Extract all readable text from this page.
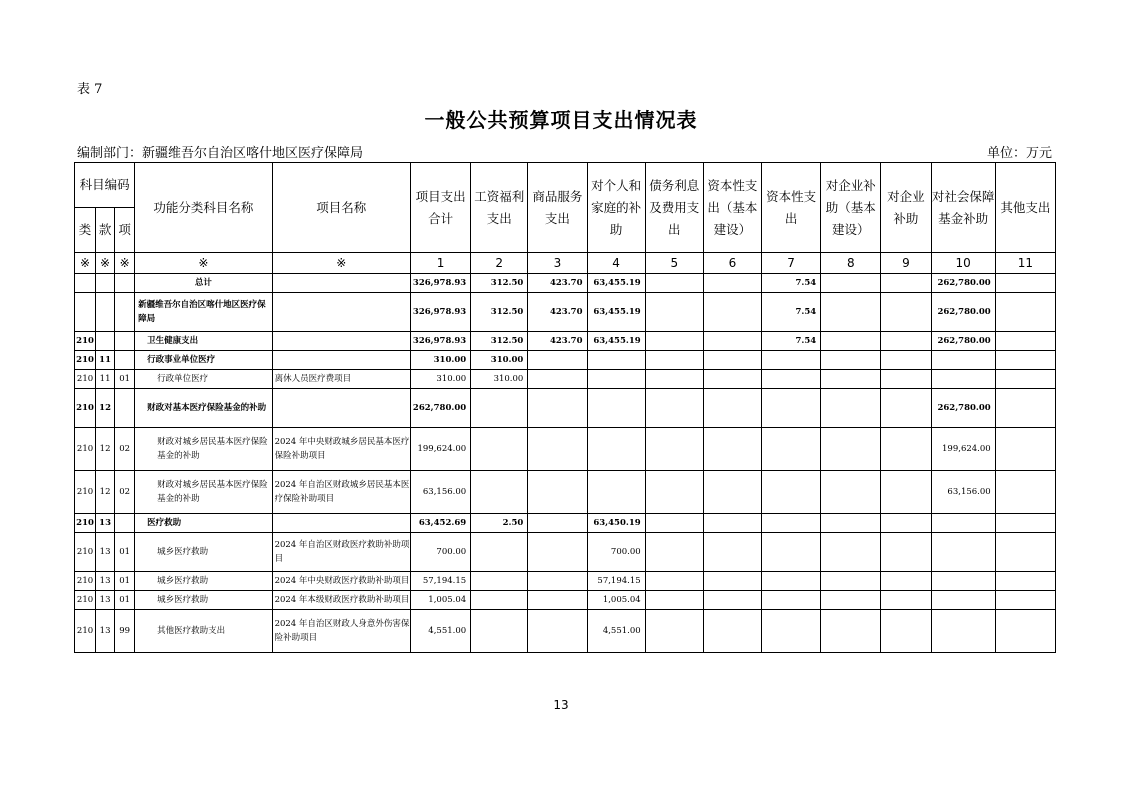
表 7
一般公共预算项目支出情况表
编制部门：新疆维吾尔自治区喀什地区医疗保障局	单位：万元
科目编码			功能分类科目名称	项目名称	项目支出合计	工资福利支出	商品服务支出	对个人和家庭的补助	债务利息及费用支出	资本性支出（基本建设）	资本性支出	对企业补助（基本建设）	对企业补助	对社会保障基金补助	其他支出
类	款	项													
※	※	※	※	※	1	2	3	4	5	6	7	8	9	10	11
			总计		326,978.93	312.50	423.70	63,455.19			7.54			262,780.00	
			新疆维吾尔自治区喀什地区医疗保障局		326,978.93	312.50	423.70	63,455.19			7.54			262,780.00	
210			卫生健康支出		326,978.93	312.50	423.70	63,455.19			7.54			262,780.00	
210	11		行政事业单位医疗		310.00	310.00									
210	11	01	行政单位医疗	离休人员医疗费项目	310.00	310.00									
210	12		财政对基本医疗保险基金的补助		262,780.00									262,780.00	
210	12	02	财政对城乡居民基本医疗保险基金的补助	2024 年中央财政城乡居民基本医疗保险补助项目	199,624.00									199,624.00	
210	12	02	财政对城乡居民基本医疗保险基金的补助	2024 年自治区财政城乡居民基本医疗保险补助项目	63,156.00									63,156.00	
210	13		医疗救助		63,452.69	2.50		63,450.19							
210	13	01	城乡医疗救助	2024 年自治区财政医疗救助补助项目	700.00			700.00							
210	13	01	城乡医疗救助	2024 年中央财政医疗救助补助项目	57,194.15			57,194.15							
210	13	01	城乡医疗救助	2024 年本级财政医疗救助补助项目	1,005.04			1,005.04							
210	13	99	其他医疗救助支出	2024 年自治区财政人身意外伤害保险补助项目	4,551.00			4,551.00							
13
